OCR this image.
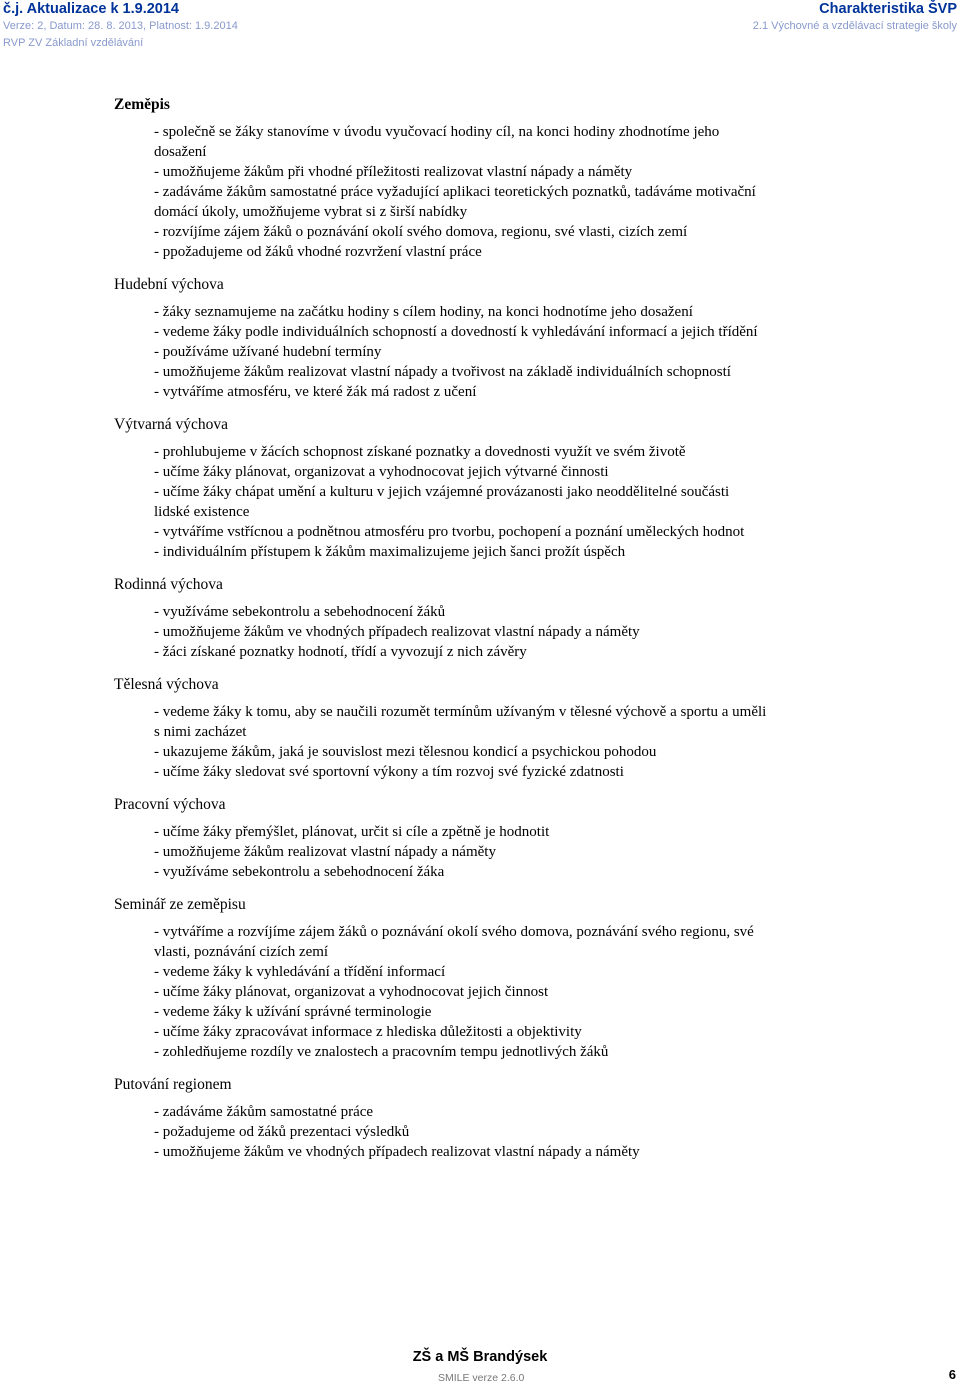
č.j. Aktualizace k 1.9.2014
Verze: 2, Datum: 28. 8. 2013, Platnost: 1.9.2014
RVP ZV Základní vzdělávání
Charakteristika ŠVP
2.1 Výchovné a vzdělávací strategie školy
Zeměpis
- společně se žáky stanovíme v úvodu vyučovací hodiny cíl, na konci hodiny zhodnotíme jeho
dosažení
- umožňujeme žákům při vhodné příležitosti realizovat vlastní nápady a náměty
- zadáváme žákům samostatné práce vyžadující aplikaci teoretických poznatků, tadáváme motivační
domácí úkoly, umožňujeme vybrat si z širší nabídky
- rozvíjíme zájem žáků o poznávání okolí svého domova, regionu, své vlasti, cizích zemí
- ppožadujeme od žáků vhodné rozvržení vlastní práce
Hudební výchova
- žáky seznamujeme na začátku hodiny s cílem hodiny, na konci hodnotíme jeho dosažení
- vedeme žáky podle individuálních schopností a dovedností k vyhledávání informací a jejich třídění
- používáme užívané hudební termíny
- umožňujeme žákům realizovat vlastní nápady a tvořivost na základě individuálních schopností
- vytváříme atmosféru, ve které žák má radost z učení
Výtvarná výchova
- prohlubujeme v žácích schopnost získané poznatky a dovednosti využít ve svém životě
- učíme žáky plánovat, organizovat a vyhodnocovat jejich výtvarné činnosti
- učíme žáky chápat umění a kulturu v jejich vzájemné provázanosti jako neoddělitelné součásti
lidské existence
- vytváříme vstřícnou a podnětnou atmosféru pro tvorbu, pochopení a poznání uměleckých hodnot
- individuálním přístupem k žákům maximalizujeme jejich šanci prožít úspěch
Rodinná výchova
- využíváme sebekontrolu a sebehodnocení žáků
- umožňujeme žákům ve vhodných případech realizovat vlastní nápady a náměty
- žáci získané poznatky hodnotí, třídí a vyvozují z nich závěry
Tělesná výchova
- vedeme žáky k tomu, aby se naučili rozumět termínům užívaným v tělesné výchově a sportu a uměli
s nimi zacházet
- ukazujeme žákům, jaká je souvislost mezi tělesnou kondicí a psychickou pohodou
- učíme žáky sledovat své sportovní výkony a tím rozvoj své fyzické zdatnosti
Pracovní výchova
- učíme žáky přemýšlet, plánovat, určit si cíle a zpětně je hodnotit
- umožňujeme žákům realizovat vlastní nápady a náměty
- využíváme sebekontrolu a sebehodnocení žáka
Seminář ze zeměpisu
- vytváříme a rozvíjíme zájem žáků o poznávání okolí svého domova, poznávání svého regionu, své
vlasti, poznávání cizích zemí
- vedeme žáky k vyhledávání a třídění informací
- učíme žáky plánovat, organizovat a vyhodnocovat jejich činnost
- vedeme žáky k užívání správné terminologie
- učíme žáky zpracovávat informace z hlediska důležitosti a objektivity
- zohledňujeme rozdíly ve znalostech a pracovním tempu jednotlivých žáků
Putování regionem
- zadáváme žákům samostatné práce
- požadujeme od žáků prezentaci výsledků
- umožňujeme žákům ve vhodných případech realizovat vlastní nápady a náměty
ZŠ a MŠ Brandýsek
SMILE verze 2.6.0	6
